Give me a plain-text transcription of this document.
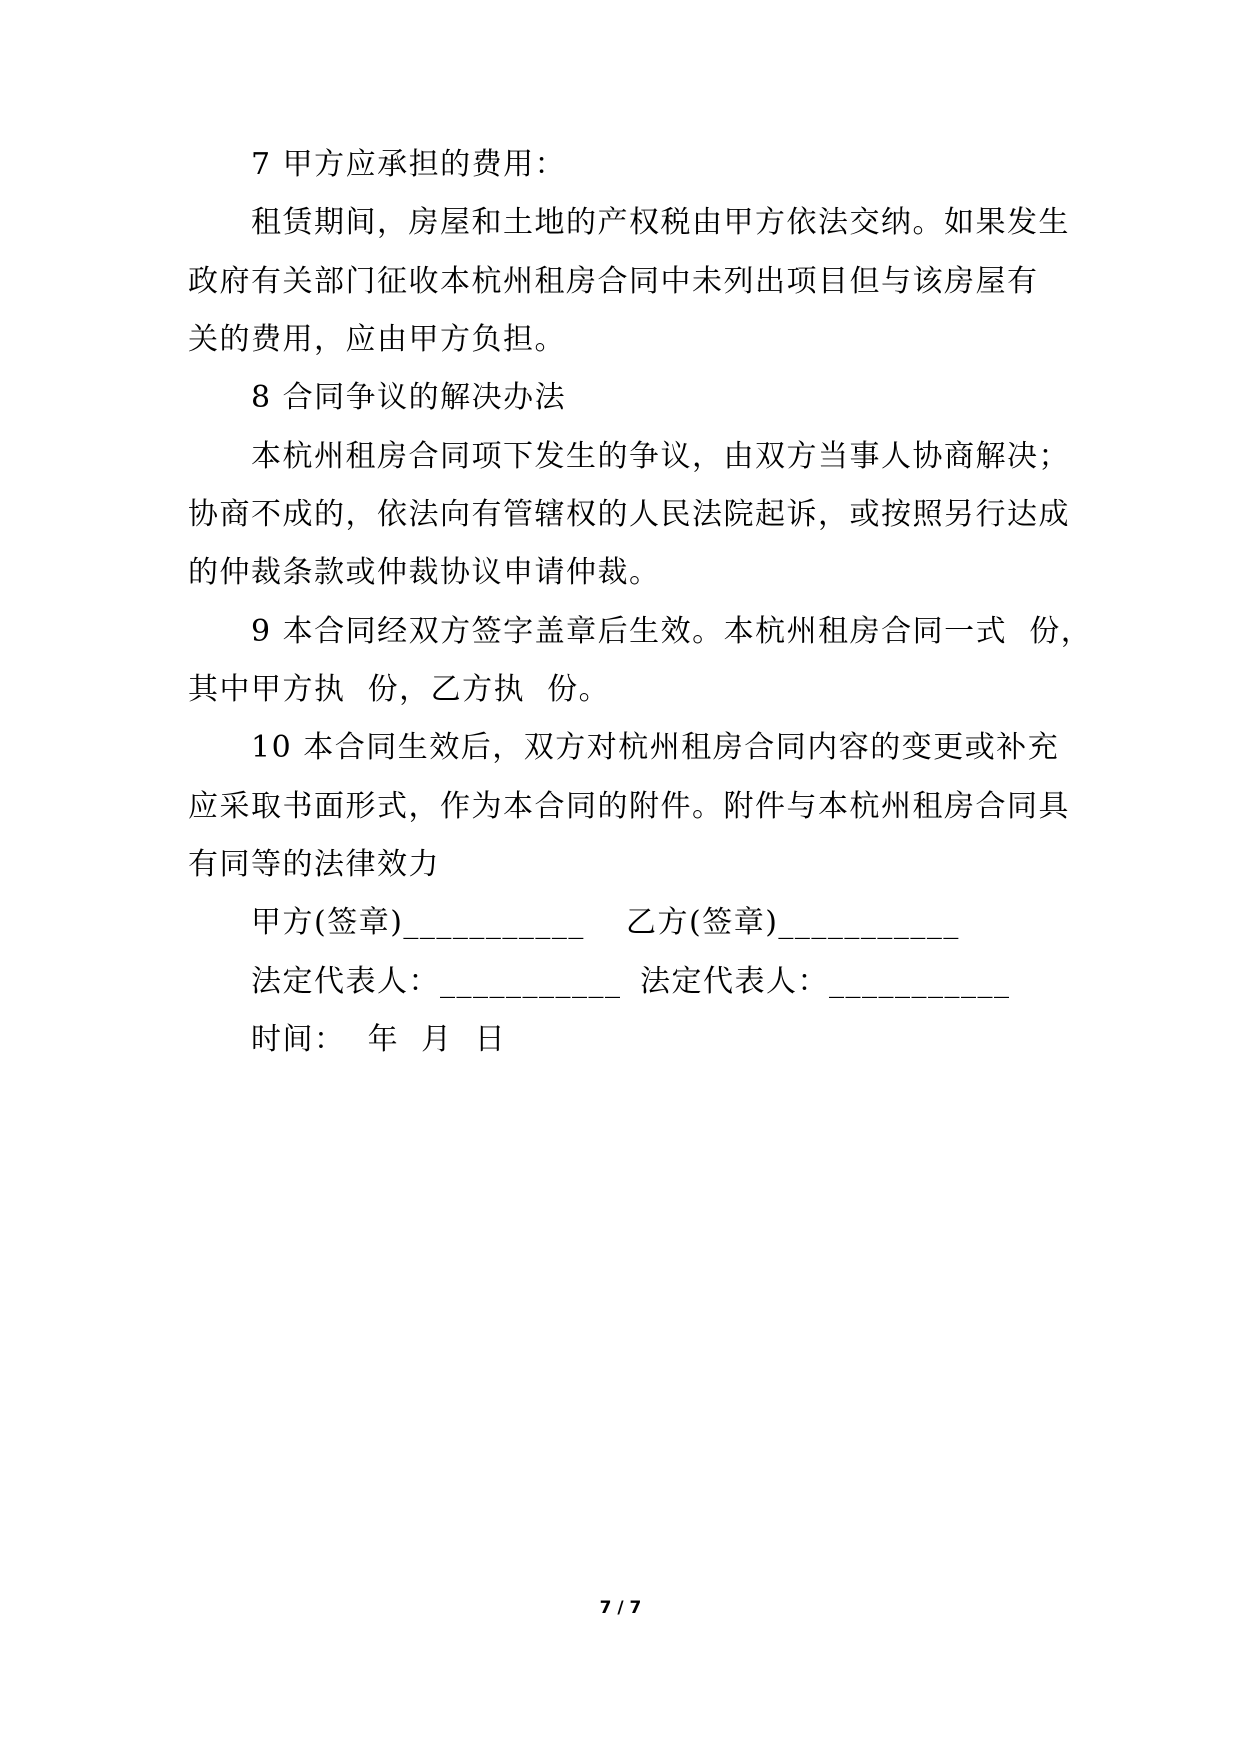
7 甲方应承担的费用：
租赁期间，房屋和土地的产权税由甲方依法交纳。如果发生
政府有关部门征收本杭州租房合同中未列出项目但与该房屋有
关的费用，应由甲方负担。
8 合同争议的解决办法
本杭州租房合同项下发生的争议，由双方当事人协商解决；
协商不成的，依法向有管辖权的人民法院起诉，或按照另行达成
的仲裁条款或仲裁协议申请仲裁。
9 本合同经双方签字盖章后生效。本杭州租房合同一式  份，
其中甲方执  份，乙方执  份。
10 本合同生效后，双方对杭州租房合同内容的变更或补充
应采取书面形式，作为本合同的附件。附件与本杭州租房合同具
有同等的法律效力
甲方(签章)___________ 乙方(签章)___________
法定代表人：___________ 法定代表人：___________
时间：  年  月  日
7 / 7
